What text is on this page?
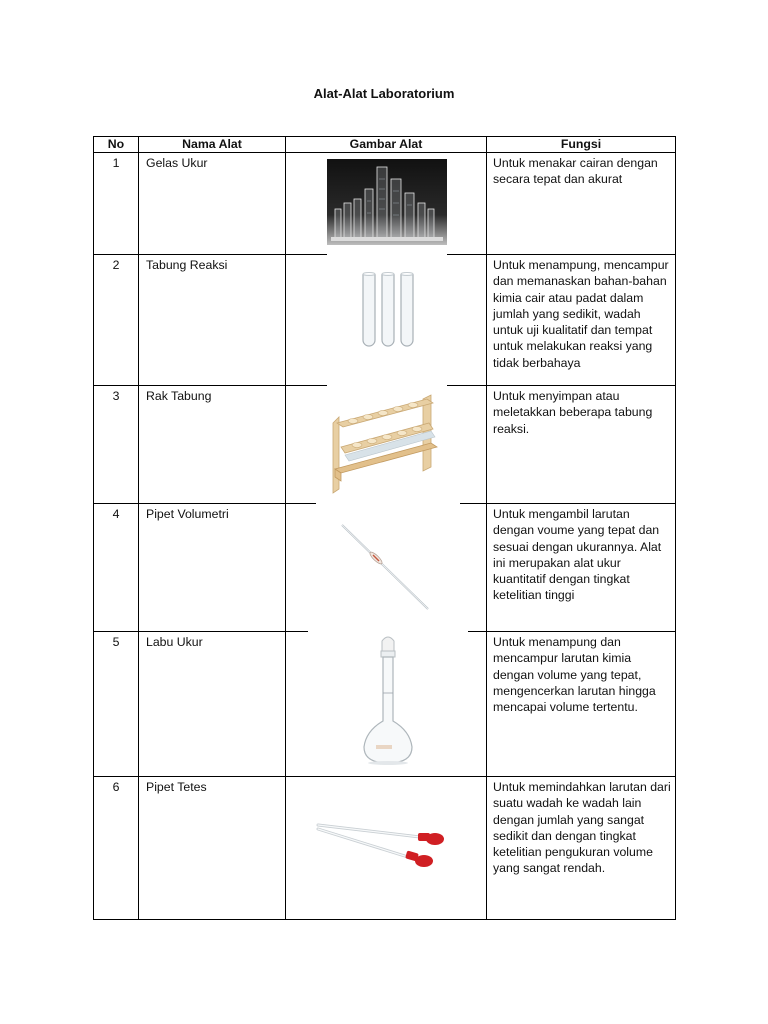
Alat-Alat Laboratorium
No	Nama Alat	Gambar Alat	Fungsi
1	Gelas Ukur		Untuk menakar cairan dengan secara tepat dan akurat
2	Tabung Reaksi		Untuk menampung, mencampur dan memanaskan bahan-bahan kimia cair atau padat dalam jumlah yang sedikit, wadah untuk uji kualitatif dan tempat untuk melakukan reaksi yang tidak berbahaya
3	Rak Tabung		Untuk menyimpan atau meletakkan beberapa tabung reaksi.
4	Pipet Volumetri		Untuk mengambil larutan dengan voume yang tepat dan sesuai dengan ukurannya. Alat ini merupakan alat ukur kuantitatif dengan tingkat ketelitian tinggi
5	Labu Ukur		Untuk menampung dan mencampur larutan kimia dengan volume yang tepat, mengencerkan larutan hingga mencapai volume tertentu.
6	Pipet Tetes		Untuk memindahkan larutan dari suatu wadah ke wadah lain dengan jumlah yang sangat sedikit dan dengan tingkat ketelitian pengukuran volume yang sangat rendah.
